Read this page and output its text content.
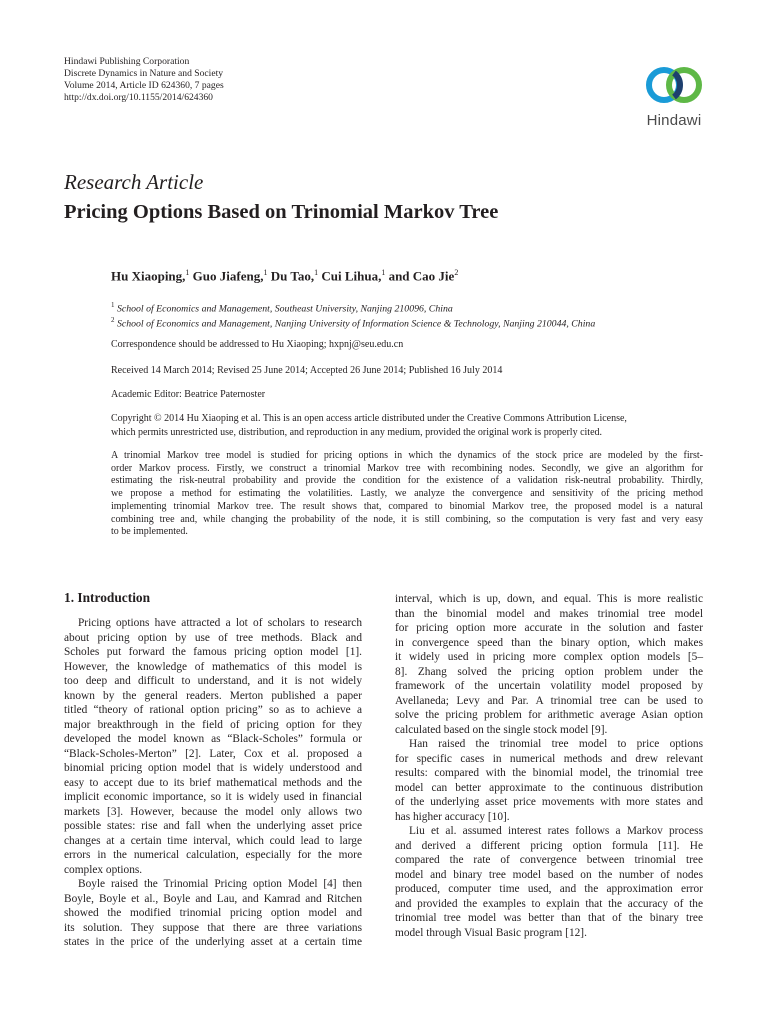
Hindawi Publishing Corporation
Discrete Dynamics in Nature and Society
Volume 2014, Article ID 624360, 7 pages
http://dx.doi.org/10.1155/2014/624360
Hindawi
Research Article
Pricing Options Based on Trinomial Markov Tree
Hu Xiaoping,$^1$ Guo Jiafeng,$^1$ Du Tao,$^1$ Cui Lihua,$^1$ and Cao Jie$^2$
$^1$ School of Economics and Management, Southeast University, Nanjing 210096, China
$^2$ School of Economics and Management, Nanjing University of Information Science & Technology, Nanjing 210044, China
Correspondence should be addressed to Hu Xiaoping; hxpnj@seu.edu.cn
Received 14 March 2014; Revised 25 June 2014; Accepted 26 June 2014; Published 16 July 2014
Academic Editor: Beatrice Paternoster
Copyright © 2014 Hu Xiaoping et al. This is an open access article distributed under the Creative Commons Attribution License,
which permits unrestricted use, distribution, and reproduction in any medium, provided the original work is properly cited.
A trinomial Markov tree model is studied for pricing options in which the dynamics of the stock price are modeled by the first-
order Markov process. Firstly, we construct a trinomial Markov tree with recombining nodes. Secondly, we give an algorithm for
estimating the risk-neutral probability and provide the condition for the existence of a validation risk-neutral probability. Thirdly,
we propose a method for estimating the volatilities. Lastly, we analyze the convergence and sensitivity of the pricing method
implementing trinomial Markov tree. The result shows that, compared to binomial Markov tree, the proposed model is a natural
combining tree and, while changing the probability of the node, it is still combining, so the computation is very fast and very easy
to be implemented.
1. Introduction
Pricing options have attracted a lot of scholars to research
about pricing option by use of tree methods. Black and
Scholes put forward the famous pricing option model [1].
However, the knowledge of mathematics of this model is
too deep and difficult to understand, and it is not widely
known by the general readers. Merton published a paper
titled “theory of rational option pricing” so as to achieve a
major breakthrough in the field of pricing option for they
developed the model known as “Black-Scholes” formula or
“Black-Scholes-Merton” [2]. Later, Cox et al. proposed a
binomial pricing option model that is widely understood and
easy to accept due to its brief mathematical methods and the
implicit economic importance, so it is widely used in financial
markets [3]. However, because the model only allows two
possible states: rise and fall when the underlying asset price
changes at a certain time interval, which could lead to large
errors in the numerical calculation, especially for the more
complex options.
Boyle raised the Trinomial Pricing option Model [4] then
Boyle, Boyle et al., Boyle and Lau, and Kamrad and Ritchen
showed the modified trinomial pricing option model and
its solution. They suppose that there are three variations
states in the price of the underlying asset at a certain time
interval, which is up, down, and equal. This is more realistic
than the binomial model and makes trinomial tree model
for pricing option more accurate in the solution and faster
in convergence speed than the binary option, which makes
it widely used in pricing more complex option models [5–
8]. Zhang solved the pricing option problem under the
framework of the uncertain volatility model proposed by
Avellaneda; Levy and Par. A trinomial tree can be used to
solve the pricing problem for arithmetic average Asian option
calculated based on the single stock model [9].
Han raised the trinomial tree model to price options
for specific cases in numerical methods and drew relevant
results: compared with the binomial model, the trinomial tree
model can better approximate to the continuous distribution
of the underlying asset price movements with more states and
has higher accuracy [10].
Liu et al. assumed interest rates follows a Markov process
and derived a different pricing option formula [11]. He
compared the rate of convergence between trinomial tree
model and binary tree model based on the number of nodes
produced, computer time used, and the approximation error
and provided the examples to explain that the accuracy of the
trinomial tree model was better than that of the binary tree
model through Visual Basic program [12].
